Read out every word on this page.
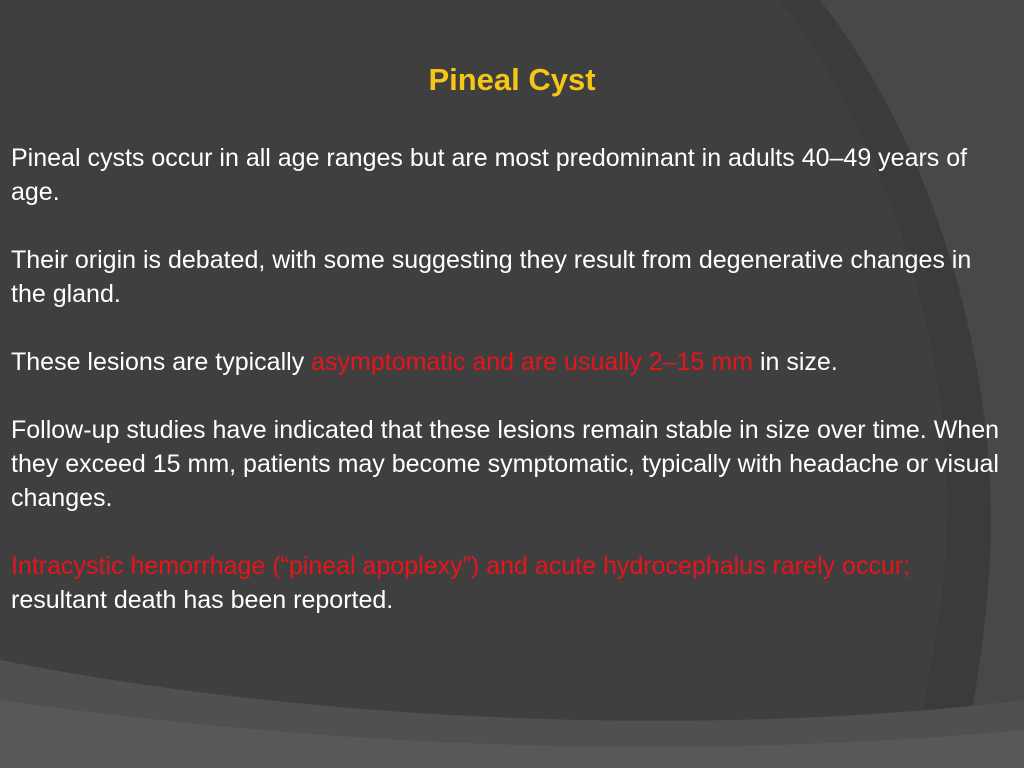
Pineal Cyst

Pineal cysts occur in all age ranges but are most predominant in adults 40–49 years of age.

Their origin is debated, with some suggesting they result from degenerative changes in the gland.

These lesions are typically asymptomatic and are usually 2–15 mm in size.

Follow-up studies have indicated that these lesions remain stable in size over time. When they exceed 15 mm, patients may become symptomatic, typically with headache or visual changes.

Intracystic hemorrhage (“pineal apoplexy”) and acute hydrocephalus rarely occur; resultant death has been reported.
